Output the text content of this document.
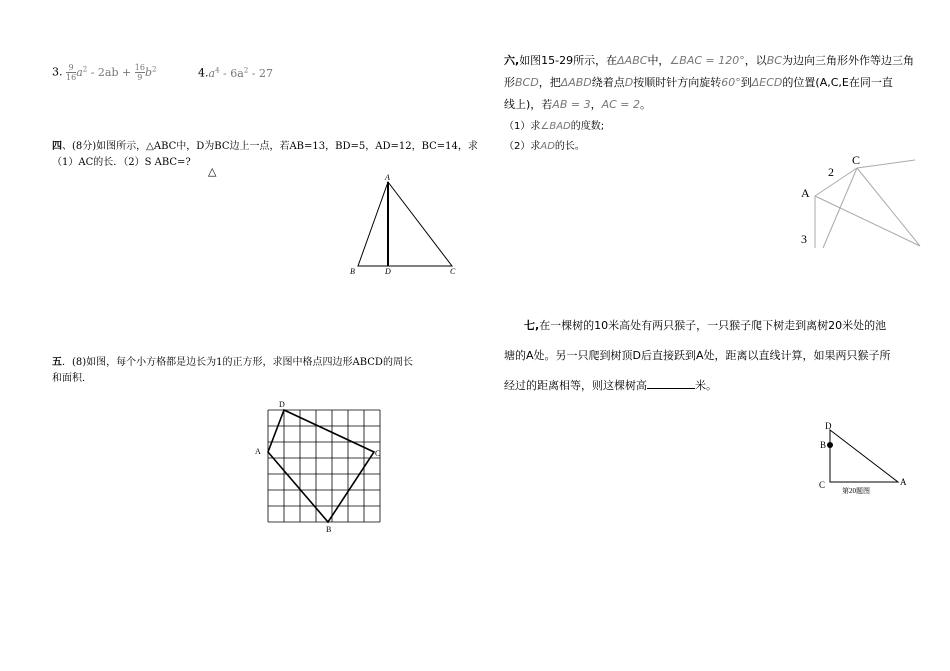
3. $\frac{9}{16} a^2 - 2ab + \frac{16}{9} b^2$	$4.a^4 - 6a^2 - 27$
四、(8分)如图所示，△ABC中，D为BC边上一点，若AB=13，BD=5，AD=12，BC=14，求
（1）AC的长．（2）S ABC=?
△	A
B	D	C
五．(8)如图，每个小方格都是边长为1的正方形，求图中格点四边形ABCD的周长
和面积．
D
A	C
B
六,如图15-29所示，在ΔABC中，∠BAC = 120°，以BC为边向三角形外作等边三角
形BCD，把ΔABD绕着点D按顺时针方向旋转60°到ΔECD的位置(A,C,E在同一直
线上)，若AB = 3，AC = 2。
（1）求∠BAD的度数;
（2）求AD的长。
C
2
A
3
七,在一棵树的10米高处有两只猴子，一只猴子爬下树走到离树20米处的池
塘的A处。另一只爬到树顶D后直接跃到A处，距离以直线计算，如果两只猴子所
经过的距离相等，则这棵树高	米。
D
B
C	A
第20题图
